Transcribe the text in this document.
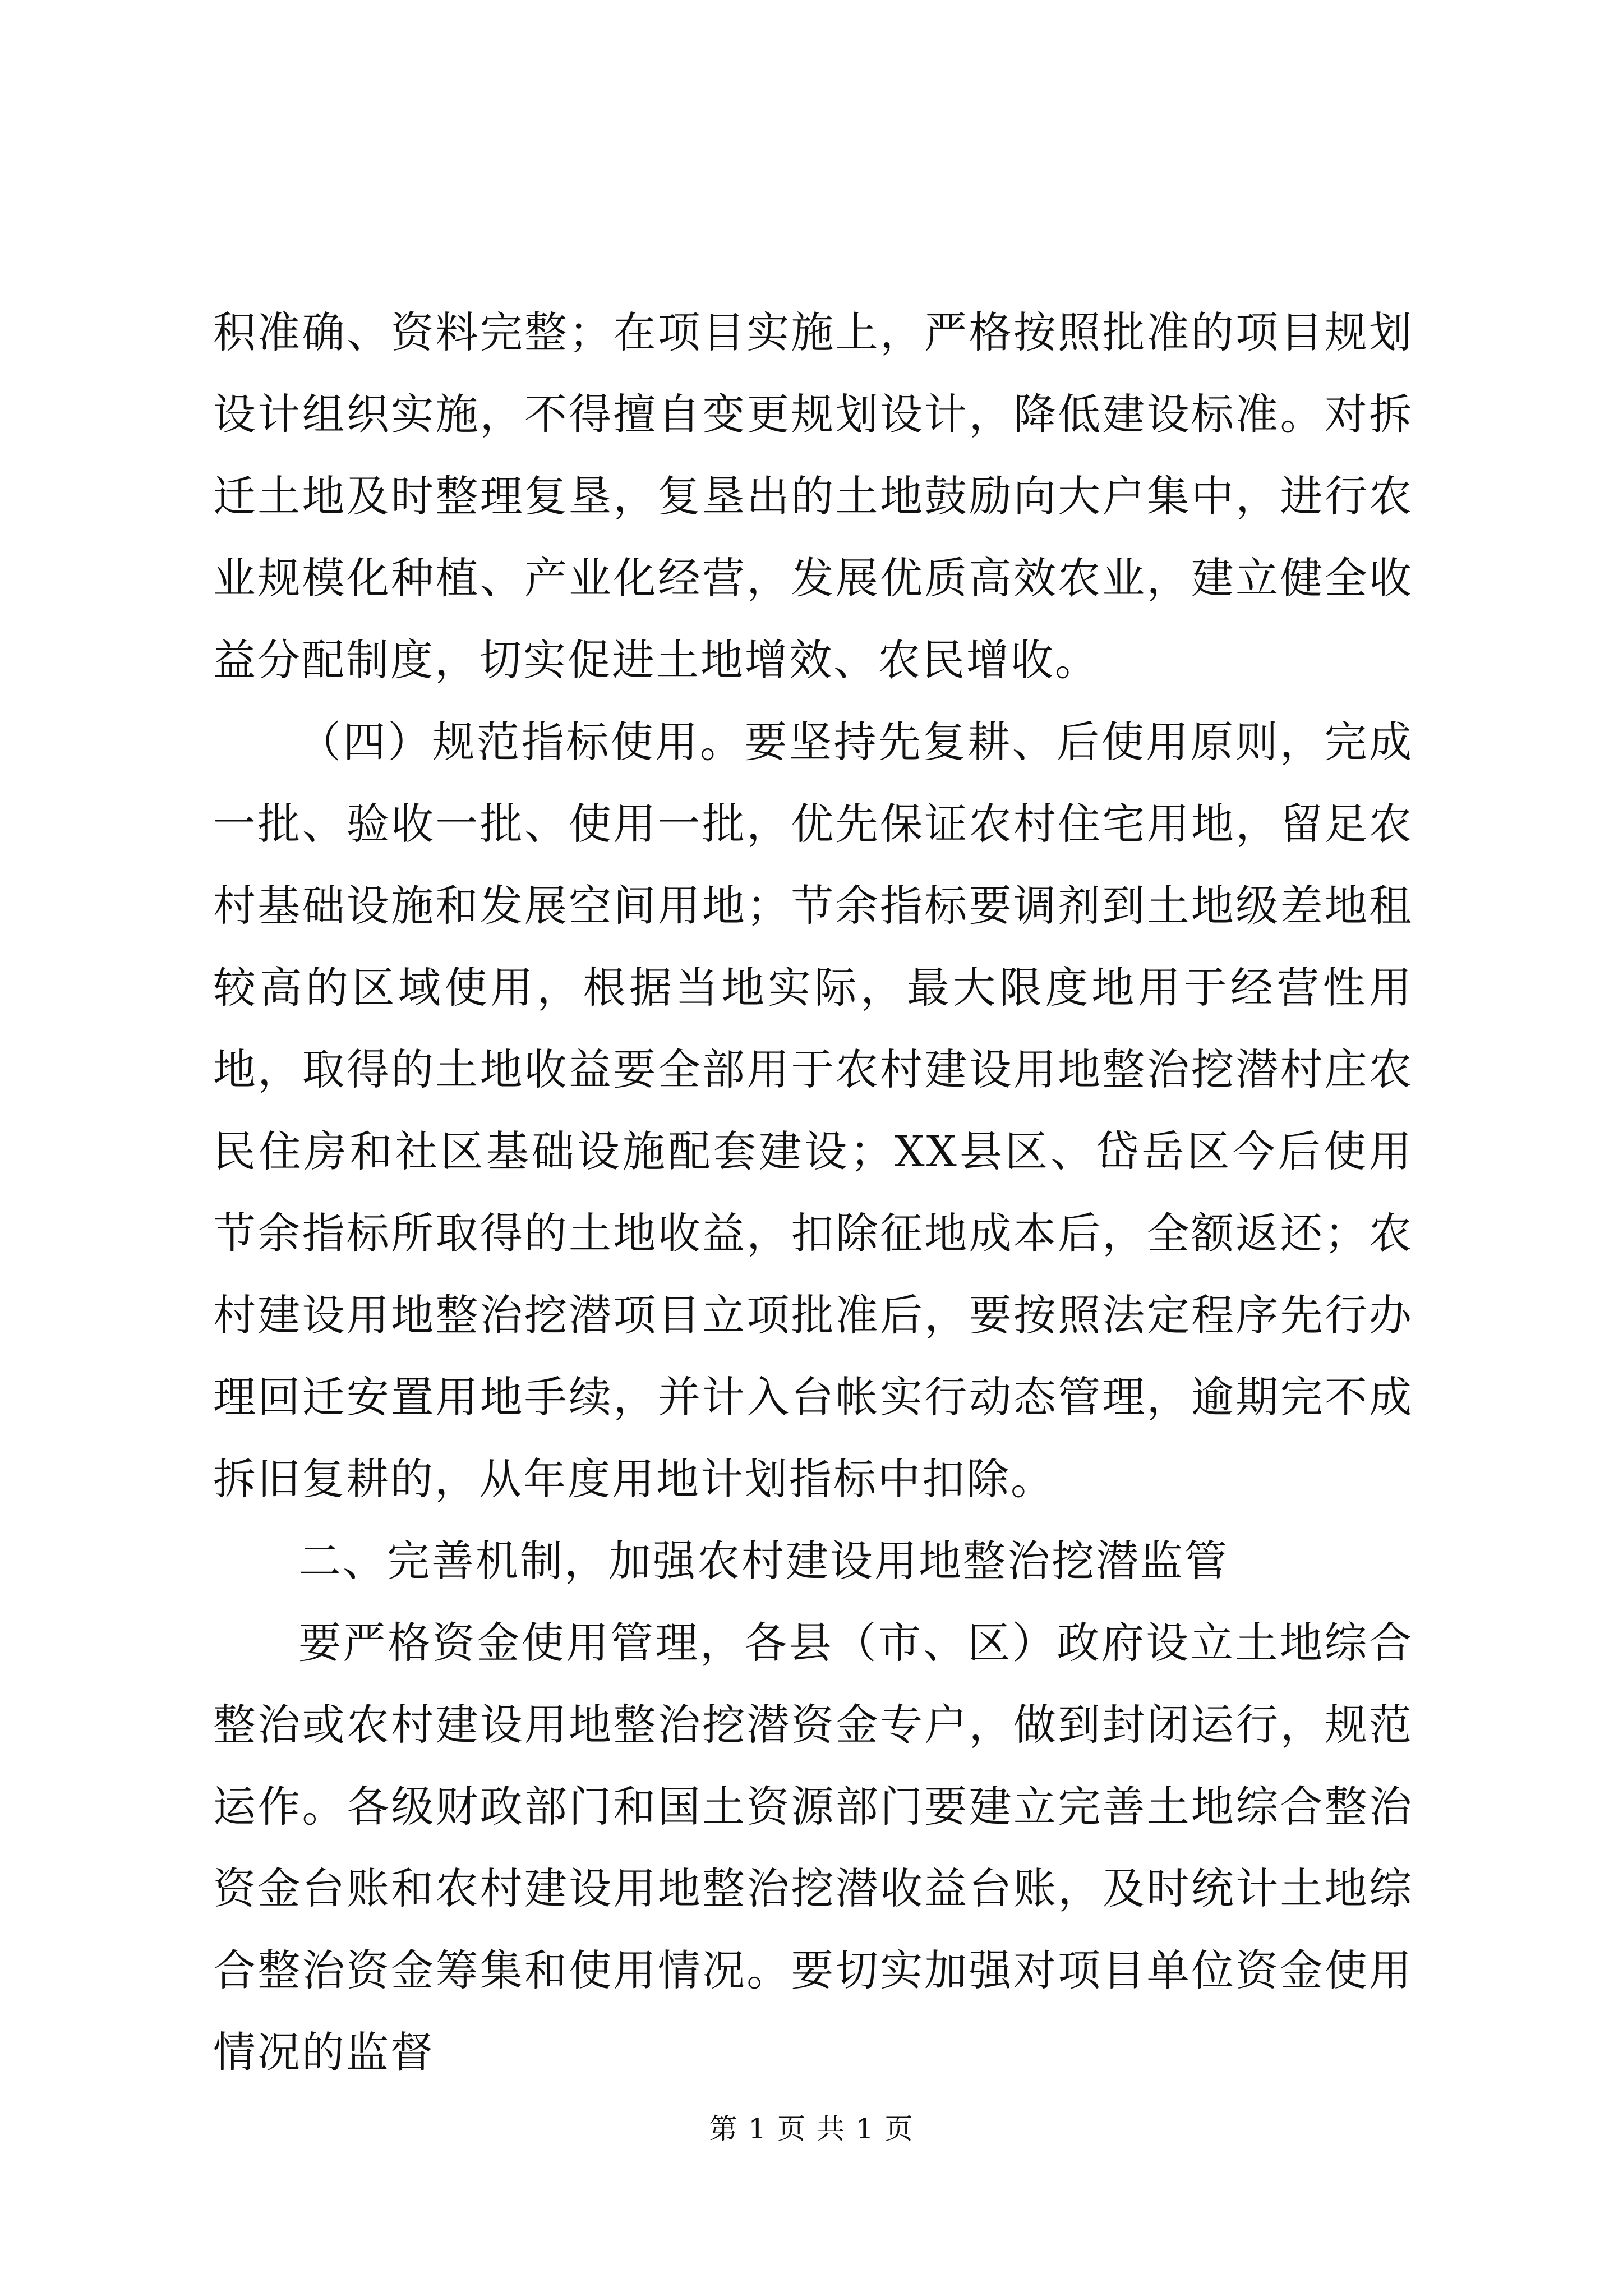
积准确、资料完整；在项目实施上，严格按照批准的项目规划设计组织实施，不得擅自变更规划设计，降低建设标准。对拆迁土地及时整理复垦，复垦出的土地鼓励向大户集中，进行农业规模化种植、产业化经营，发展优质高效农业，建立健全收益分配制度，切实促进土地增效、农民增收。

（四）规范指标使用。要坚持先复耕、后使用原则，完成一批、验收一批、使用一批，优先保证农村住宅用地，留足农村基础设施和发展空间用地；节余指标要调剂到土地级差地租较高的区域使用，根据当地实际，最大限度地用于经营性用地，取得的土地收益要全部用于农村建设用地整治挖潜村庄农民住房和社区基础设施配套建设；XX县区、岱岳区今后使用节余指标所取得的土地收益，扣除征地成本后，全额返还；农村建设用地整治挖潜项目立项批准后，要按照法定程序先行办理回迁安置用地手续，并计入台帐实行动态管理，逾期完不成拆旧复耕的，从年度用地计划指标中扣除。

二、完善机制，加强农村建设用地整治挖潜监管

要严格资金使用管理，各县（市、区）政府设立土地综合整治或农村建设用地整治挖潜资金专户，做到封闭运行，规范运作。各级财政部门和国土资源部门要建立完善土地综合整治资金台账和农村建设用地整治挖潜收益台账，及时统计土地综合整治资金筹集和使用情况。要切实加强对项目单位资金使用情况的监督

第 1 页 共 1 页
